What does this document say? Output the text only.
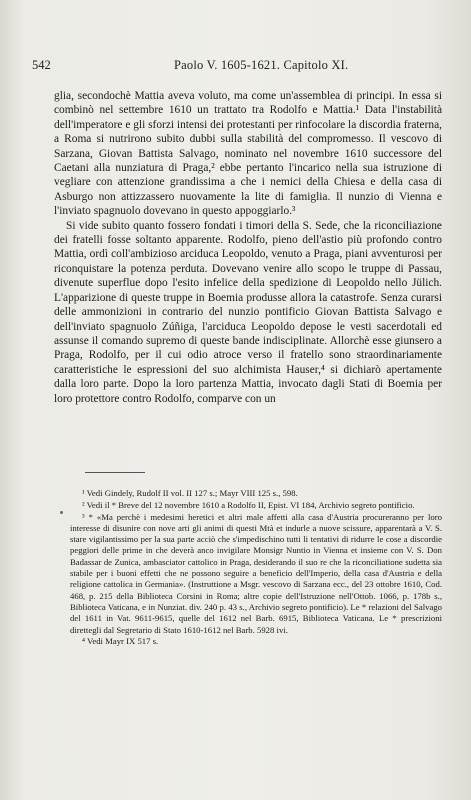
542	Paolo V. 1605-1621. Capitolo XI.

glia, secondochè Mattia aveva voluto, ma come un'assemblea di principi. In essa si combinò nel settembre 1610 un trattato tra Rodolfo e Mattia.¹ Data l'instabilità dell'imperatore e gli sforzi intensi dei protestanti per rinfocolare la discordia fraterna, a Roma si nutrirono subito dubbi sulla stabilità del compromesso. Il vescovo di Sarzana, Giovan Battista Salvago, nominato nel novembre 1610 successore del Caetani alla nunziatura di Praga,² ebbe pertanto l'incarico nella sua istruzione di vegliare con attenzione grandissima a che i nemici della Chiesa e della casa di Asburgo non attizzassero nuovamente la lite di famiglia. Il nunzio di Vienna e l'inviato spagnuolo dovevano in questo appoggiarlo.³

Si vide subito quanto fossero fondati i timori della S. Sede, che la riconciliazione dei fratelli fosse soltanto apparente. Rodolfo, pieno dell'astio più profondo contro Mattia, ordì coll'ambizioso arciduca Leopoldo, venuto a Praga, piani avventurosi per riconquistare la potenza perduta. Dovevano venire allo scopo le truppe di Passau, divenute superflue dopo l'esito infelice della spedizione di Leopoldo nello Jülich. L'apparizione di queste truppe in Boemia produsse allora la catastrofe. Senza curarsi delle ammonizioni in contrario del nunzio pontificio Giovan Battista Salvago e dell'inviato spagnuolo Zúñiga, l'arciduca Leopoldo depose le vesti sacerdotali ed assunse il comando supremo di queste bande indisciplinate. Allorchè esse giunsero a Praga, Rodolfo, per il cui odio atroce verso il fratello sono straordinariamente caratteristiche le espressioni del suo alchimista Hauser,⁴ si dichiarò apertamente dalla loro parte. Dopo la loro partenza Mattia, invocato dagli Stati di Boemia per loro protettore contro Rodolfo, comparve con un

¹ Vedi Gindely, Rudolf II vol. II 127 s.; Mayr VIII 125 s., 598.

² Vedi il * Breve del 12 novembre 1610 a Rodolfo II, Epist. VI 184, Archivio segreto pontificio.

³ * «Ma perchè i medesimi heretici et altri male affetti alla casa d'Austria procureranno per loro interesse di disunire con nove arti gli animi di questi Mtà et indurle a nuove scissure, apparentarà a V. S. stare vigilantissimo per la sua parte acciò che s'impedischino tutti li tentativi di ridurre le cose a discordie peggiori delle prime in che deverà anco invigilare Monsigr Nuntio in Vienna et insieme con V. S. Don Badassar de Zunica, ambasciator cattolico in Praga, desiderando il suo re che la riconciliatione sudetta sia stabile per i buoni effetti che ne possono seguire a beneficio dell'Imperio, della casa d'Austria e della religione cattolica in Germania». (Instruttione a Msgr. vescovo di Sarzana ecc., del 23 ottobre 1610, Cod. 468, p. 215 della Biblioteca Corsini in Roma; altre copie dell'Istruzione nell'Ottob. 1066, p. 178b s., Biblioteca Vaticana, e in Nunziat. div. 240 p. 43 s., Archivio segreto pontificio). Le * relazioni del Salvago del 1611 in Vat. 9611-9615, quelle del 1612 nel Barb. 6915, Biblioteca Vaticana. Le * prescrizioni direttegli dal Segretario di Stato 1610-1612 nel Barb. 5928 ivi.

⁴ Vedi Mayr IX 517 s.
